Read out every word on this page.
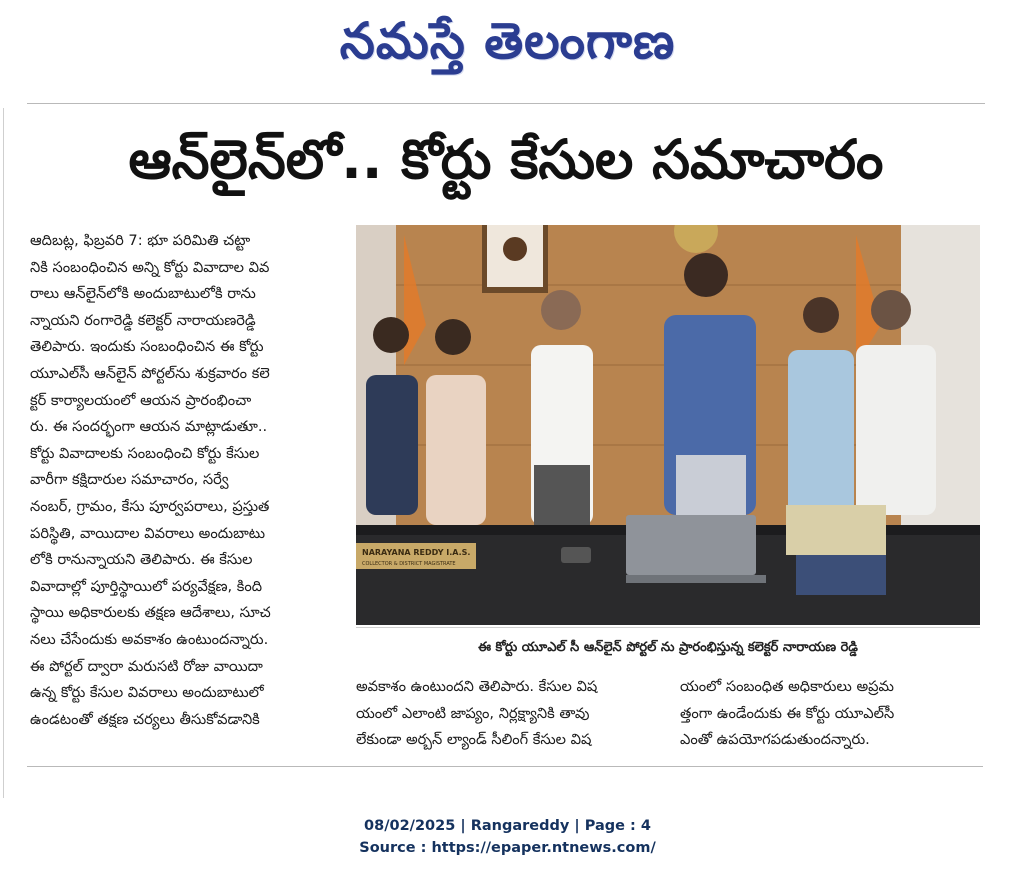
నమస్తే తెలంగాణ
ఆన్‌లైన్‌లో.. కోర్టు కేసుల సమాచారం
ఆదిబట్ల, ఫిబ్రవరి 7: భూ పరిమితి చట్టా
నికి సంబంధించిన అన్ని కోర్టు వివాదాల వివ
రాలు ఆన్‌లైన్‌లోకి అందుబాటులోకి రాను
న్నాయని రంగారెడ్డి కలెక్టర్ నారాయణరెడ్డి
తెలిపారు. ఇందుకు సంబంధించిన ఈ కోర్టు
యూఎల్‌సీ ఆన్‌లైన్ పోర్టల్‌ను శుక్రవారం కలె
క్టర్ కార్యాలయంలో ఆయన ప్రారంభించా
రు. ఈ సందర్భంగా ఆయన మాట్లాడుతూ..
కోర్టు వివాదాలకు సంబంధించి కోర్టు కేసుల
వారీగా కక్షిదారుల సమాచారం, సర్వే
నంబర్, గ్రామం, కేసు పూర్వపరాలు, ప్రస్తుత
పరిస్థితి, వాయిదాల వివరాలు అందుబాటు
లోకి రానున్నాయని తెలిపారు. ఈ కేసుల
వివాదాల్లో పూర్తిస్థాయిలో పర్యవేక్షణ, కింది
స్థాయి అధికారులకు తక్షణ ఆదేశాలు, సూచ
నలు చేసేందుకు అవకాశం ఉంటుందన్నారు.
ఈ పోర్టల్ ద్వారా మరుసటి రోజు వాయిదా
ఉన్న కోర్టు కేసుల వివరాలు అందుబాటులో
ఉండటంతో తక్షణ చర్యలు తీసుకోవడానికి
NARAYANA REDDY I.A.S.
COLLECTOR & DISTRICT MAGISTRATE
ఈ కోర్టు యూఎల్ సీ ఆన్‌లైన్ పోర్టల్ ను ప్రారంభిస్తున్న కలెక్టర్ నారాయణ రెడ్డి
అవకాశం ఉంటుందని తెలిపారు. కేసుల విష
యంలో ఎలాంటి జాప్యం, నిర్లక్ష్యానికి తావు
లేకుండా అర్బన్ ల్యాండ్ సీలింగ్ కేసుల విష
యంలో సంబంధిత అధికారులు అప్రమ
త్తంగా ఉండేందుకు ఈ కోర్టు యూఎల్‌సీ
ఎంతో ఉపయోగపడుతుందన్నారు.
08/02/2025 | Rangareddy | Page : 4
Source : https://epaper.ntnews.com/
